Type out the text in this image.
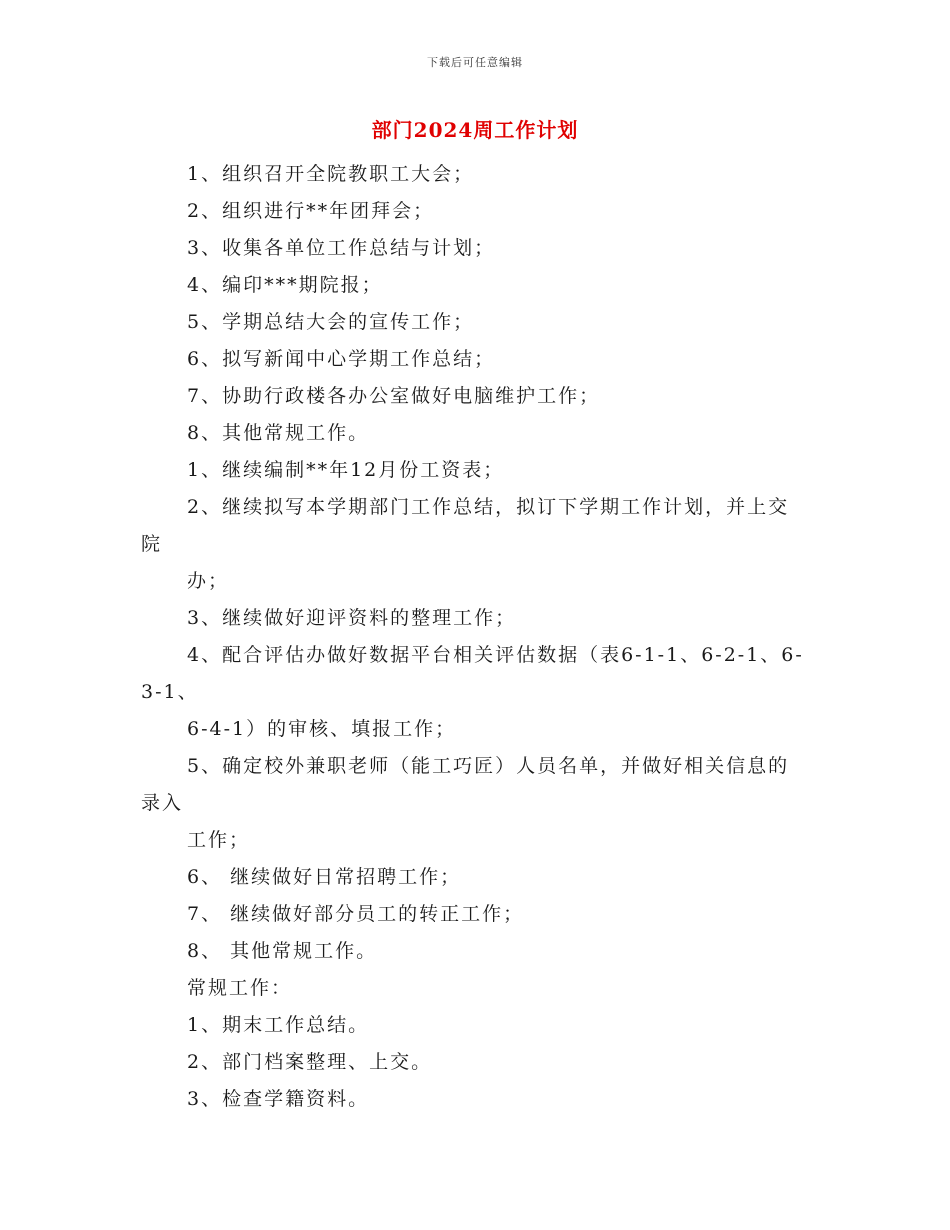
下载后可任意编辑
部门2024周工作计划
1、组织召开全院教职工大会；
2、组织进行**年团拜会；
3、收集各单位工作总结与计划；
4、编印***期院报；
5、学期总结大会的宣传工作；
6、拟写新闻中心学期工作总结；
7、协助行政楼各办公室做好电脑维护工作；
8、其他常规工作。
1、继续编制**年12月份工资表；
2、继续拟写本学期部门工作总结，拟订下学期工作计划，并上交
院
办；
3、继续做好迎评资料的整理工作；
4、配合评估办做好数据平台相关评估数据（表6-1-1、6-2-1、6-
3-1、
6-4-1）的审核、填报工作；
5、确定校外兼职老师（能工巧匠）人员名单，并做好相关信息的
录入
工作；
6、 继续做好日常招聘工作；
7、 继续做好部分员工的转正工作；
8、 其他常规工作。
常规工作：
1、期末工作总结。
2、部门档案整理、上交。
3、检查学籍资料。
